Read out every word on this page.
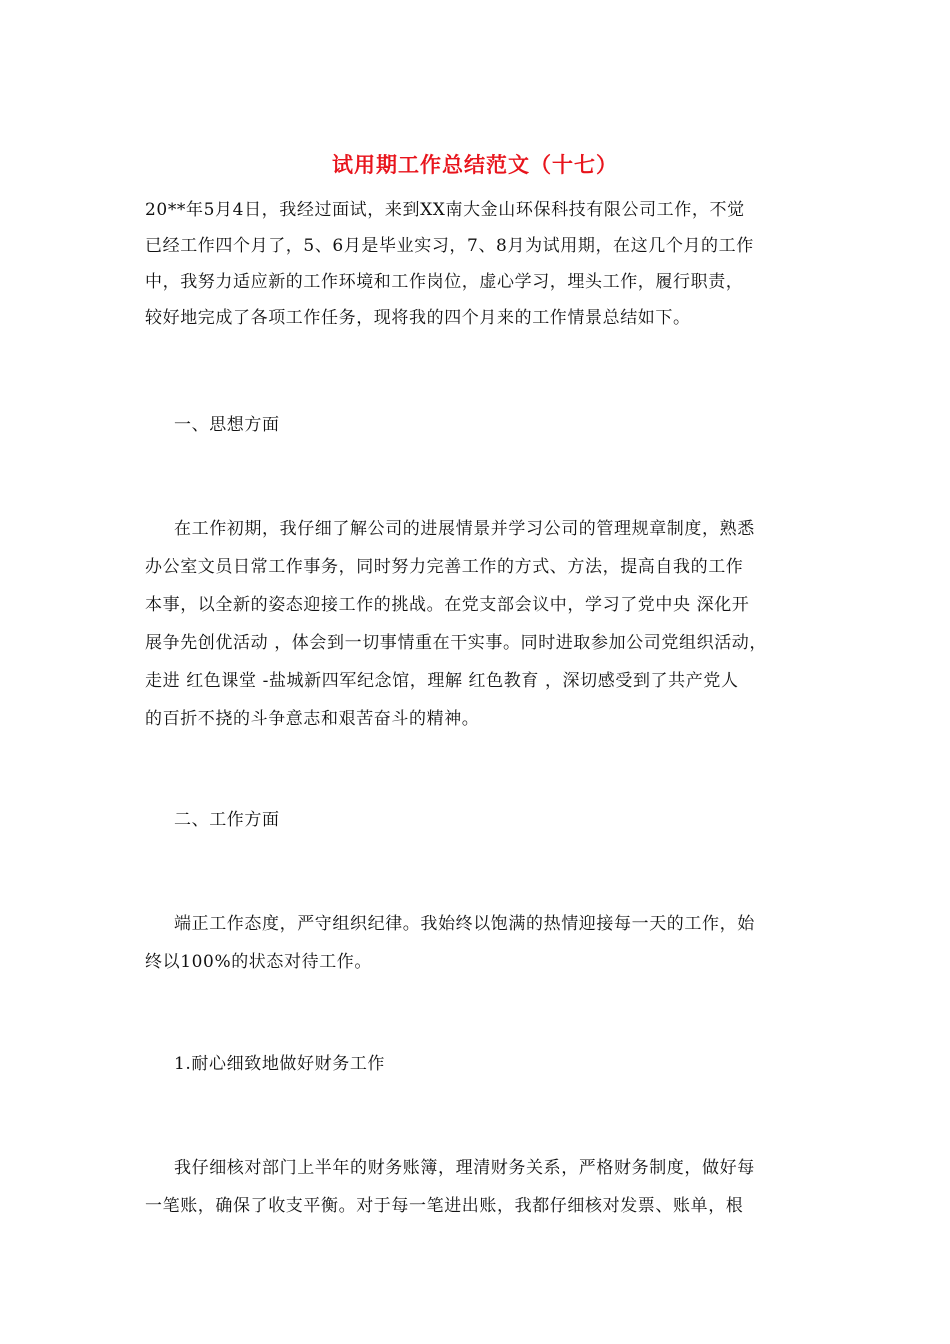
试用期工作总结范文（十七）
20**年5月4日，我经过面试，来到XX南大金山环保科技有限公司工作，不觉
已经工作四个月了，5、6月是毕业实习，7、8月为试用期，在这几个月的工作
中，我努力适应新的工作环境和工作岗位，虚心学习，埋头工作，履行职责，
较好地完成了各项工作任务，现将我的四个月来的工作情景总结如下。
一、思想方面
在工作初期，我仔细了解公司的进展情景并学习公司的管理规章制度，熟悉
办公室文员日常工作事务，同时努力完善工作的方式、方法，提高自我的工作
本事，以全新的姿态迎接工作的挑战。在党支部会议中，学习了党中央 深化开
展争先创优活动 ，体会到一切事情重在干实事。同时进取参加公司党组织活动，
走进 红色课堂 -盐城新四军纪念馆，理解 红色教育 ，深切感受到了共产党人
的百折不挠的斗争意志和艰苦奋斗的精神。
二、工作方面
端正工作态度，严守组织纪律。我始终以饱满的热情迎接每一天的工作，始
终以100%的状态对待工作。
1.耐心细致地做好财务工作
我仔细核对部门上半年的财务账簿，理清财务关系，严格财务制度，做好每
一笔账，确保了收支平衡。对于每一笔进出账，我都仔细核对发票、账单，根
